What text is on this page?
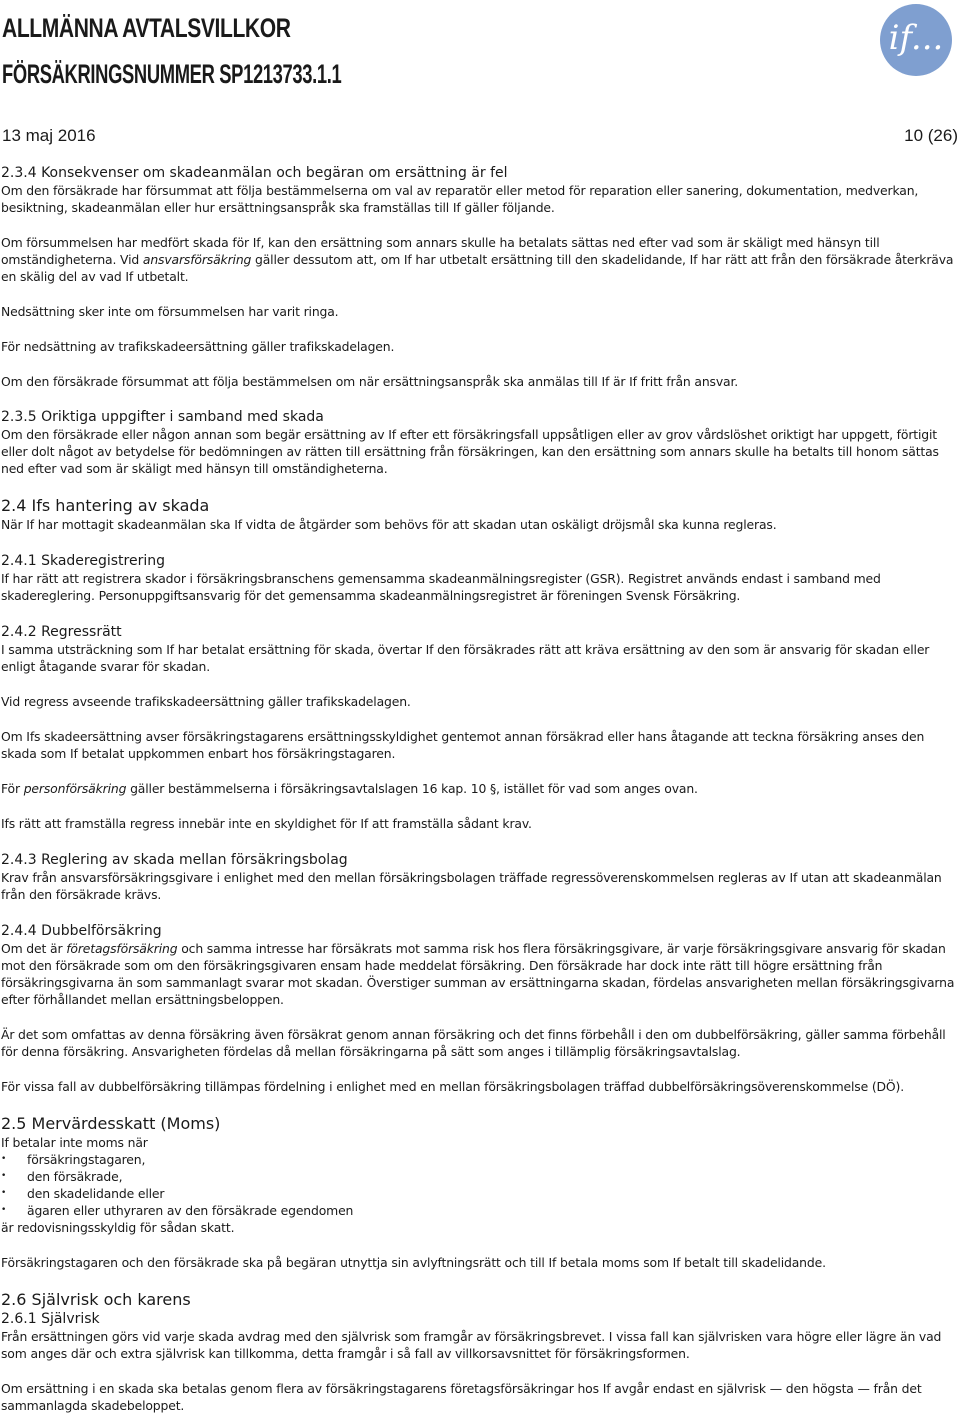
ALLMÄNNA AVTALSVILLKOR
FÖRSÄKRINGSNUMMER SP1213733.1.1
if...
13 maj 2016	10 (26)
2.3.4 Konsekvenser om skadeanmälan och begäran om ersättning är fel

Om den försäkrade har försummat att följa bestämmelserna om val av reparatör eller metod för reparation eller sanering, dokumentation, medverkan, besiktning, skadeanmälan eller hur ersättningsanspråk ska framställas till If gäller följande.

Om försummelsen har medfört skada för If, kan den ersättning som annars skulle ha betalats sättas ned efter vad som är skäligt med hänsyn till omständigheterna. Vid ansvarsförsäkring gäller dessutom att, om If har utbetalt ersättning till den skadelidande, If har rätt att från den försäkrade återkräva en skälig del av vad If utbetalt.

Nedsättning sker inte om försummelsen har varit ringa.

För nedsättning av trafikskadeersättning gäller trafikskadelagen.

Om den försäkrade försummat att följa bestämmelsen om när ersättningsanspråk ska anmälas till If är If fritt från ansvar.

2.3.5 Oriktiga uppgifter i samband med skada

Om den försäkrade eller någon annan som begär ersättning av If efter ett försäkringsfall uppsåtligen eller av grov vårdslöshet oriktigt har uppgett, förtigit eller dolt något av betydelse för bedömningen av rätten till ersättning från försäkringen, kan den ersättning som annars skulle ha betalts till honom sättas ned efter vad som är skäligt med hänsyn till omständigheterna.

2.4 Ifs hantering av skada

När If har mottagit skadeanmälan ska If vidta de åtgärder som behövs för att skadan utan oskäligt dröjsmål ska kunna regleras.

2.4.1 Skaderegistrering

If har rätt att registrera skador i försäkringsbranschens gemensamma skadeanmälningsregister (GSR). Registret används endast i samband med skadereglering. Personuppgiftsansvarig för det gemensamma skadeanmälningsregistret är föreningen Svensk Försäkring.

2.4.2 Regressrätt

I samma utsträckning som If har betalat ersättning för skada, övertar If den försäkrades rätt att kräva ersättning av den som är ansvarig för skadan eller enligt åtagande svarar för skadan.

Vid regress avseende trafikskadeersättning gäller trafikskadelagen.

Om Ifs skadeersättning avser försäkringstagarens ersättningsskyldighet gentemot annan försäkrad eller hans åtagande att teckna försäkring anses den skada som If betalat uppkommen enbart hos försäkringstagaren.

För personförsäkring gäller bestämmelserna i försäkringsavtalslagen 16 kap. 10 §, istället för vad som anges ovan.

Ifs rätt att framställa regress innebär inte en skyldighet för If att framställa sådant krav.

2.4.3 Reglering av skada mellan försäkringsbolag

Krav från ansvarsförsäkringsgivare i enlighet med den mellan försäkringsbolagen träffade regressöverenskommelsen regleras av If utan att skadeanmälan från den försäkrade krävs.

2.4.4 Dubbelförsäkring

Om det är företagsförsäkring och samma intresse har försäkrats mot samma risk hos flera försäkringsgivare, är varje försäkringsgivare ansvarig för skadan mot den försäkrade som om den försäkringsgivaren ensam hade meddelat försäkring. Den försäkrade har dock inte rätt till högre ersättning från försäkringsgivarna än som sammanlagt svarar mot skadan. Överstiger summan av ersättningarna skadan, fördelas ansvarigheten mellan försäkringsgivarna efter förhållandet mellan ersättningsbeloppen.

Är det som omfattas av denna försäkring även försäkrat genom annan försäkring och det finns förbehåll i den om dubbelförsäkring, gäller samma förbehåll för denna försäkring. Ansvarigheten fördelas då mellan försäkringarna på sätt som anges i tillämplig försäkringsavtalslag.

För vissa fall av dubbelförsäkring tillämpas fördelning i enlighet med en mellan försäkringsbolagen träffad dubbelförsäkringsöverenskommelse (DÖ).

2.5 Mervärdesskatt (Moms)

If betalar inte moms när

• försäkringstagaren,
• den försäkrade,
• den skadelidande eller
• ägaren eller uthyraren av den försäkrade egendomen

är redovisningsskyldig för sådan skatt.

Försäkringstagaren och den försäkrade ska på begäran utnyttja sin avlyftningsrätt och till If betala moms som If betalt till skadelidande.

2.6 Självrisk och karens
2.6.1 Självrisk

Från ersättningen görs vid varje skada avdrag med den självrisk som framgår av försäkringsbrevet. I vissa fall kan självrisken vara högre eller lägre än vad som anges där och extra självrisk kan tillkomma, detta framgår i så fall av villkorsavsnittet för försäkringsformen.

Om ersättning i en skada ska betalas genom flera av försäkringstagarens företagsförsäkringar hos If avgår endast en självrisk — den högsta — från det sammanlagda skadebeloppet.
